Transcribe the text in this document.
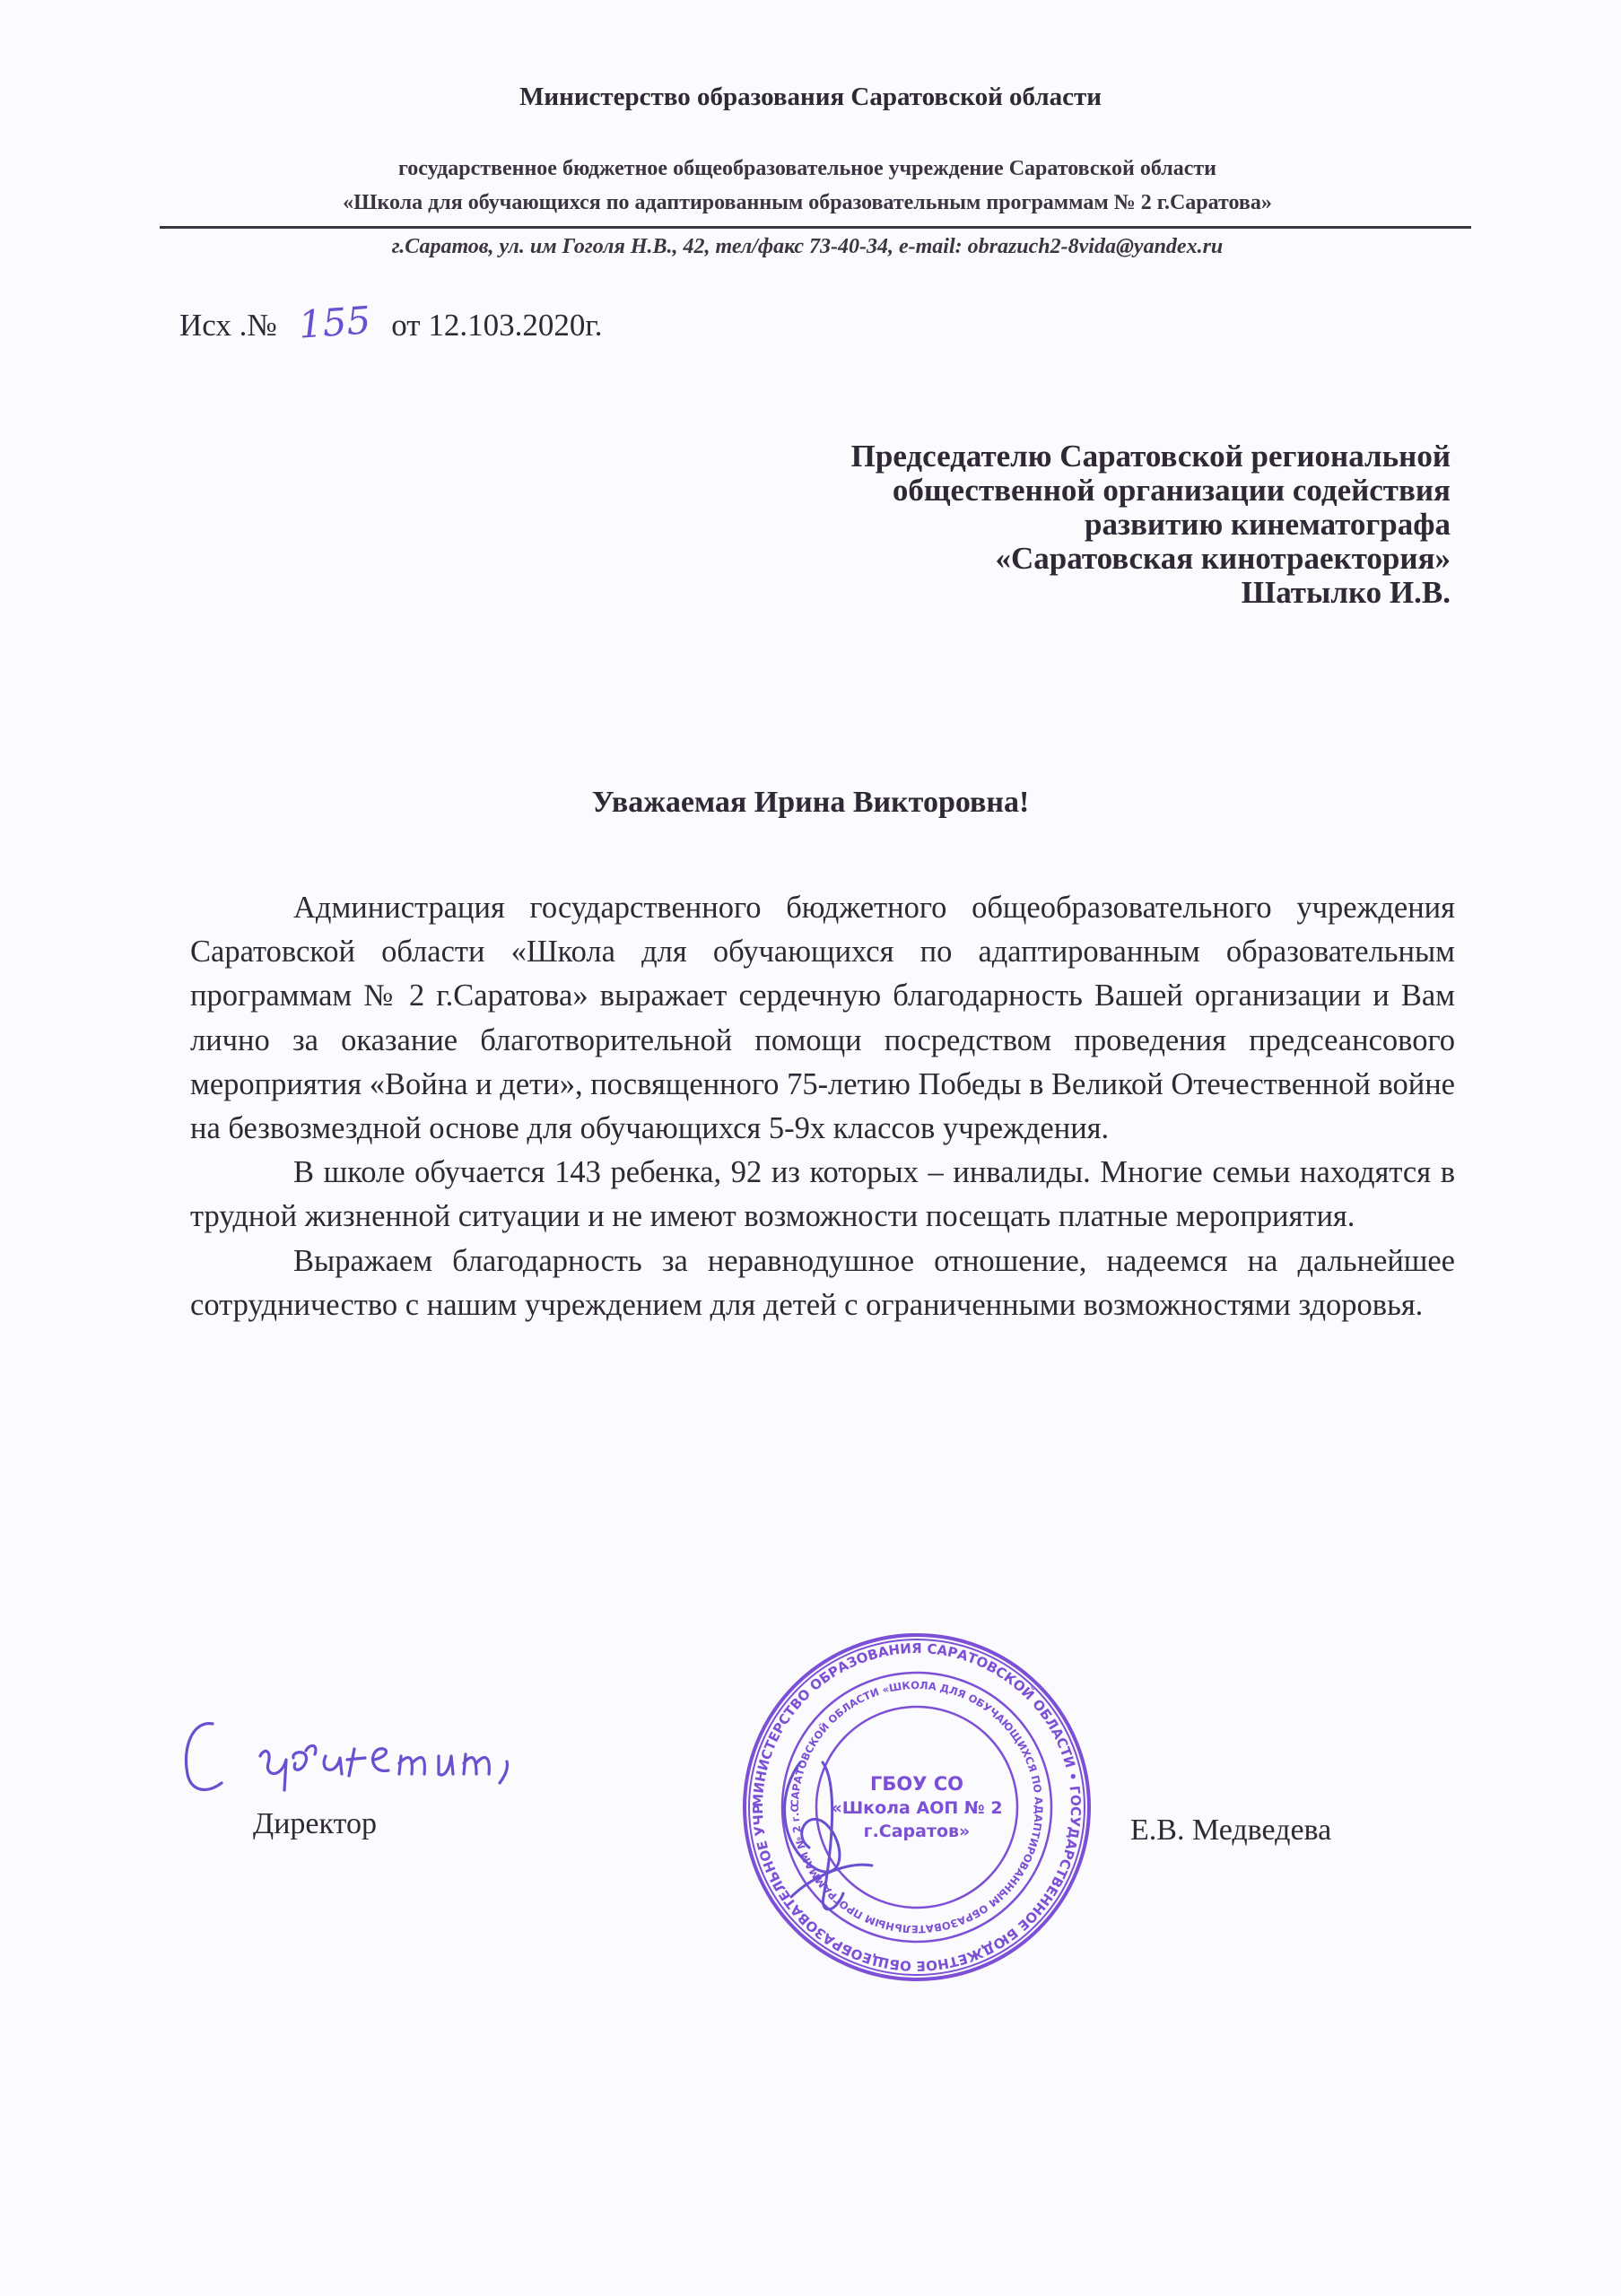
Министерство образования Саратовской области
государственное бюджетное общеобразовательное учреждение Саратовской области
«Школа для обучающихся по адаптированным образовательным программам № 2 г.Саратова»
г.Саратов, ул. им Гоголя Н.В., 42, тел/факс 73-40-34, e-mail: obrazuch2-8vida@yandex.ru
Исх .№ 155 от 12.103.2020г.
Председателю Саратовской региональной
общественной организации содействия
развитию кинематографа
«Саратовская кинотраектория»
Шатылко И.В.
Уважаемая Ирина Викторовна!

Администрация государственного бюджетного общеобразовательного учреждения Саратовской области «Школа для обучающихся по адаптированным образовательным программам № 2 г.Саратова» выражает сердечную благодарность Вашей организации и Вам лично за оказание благотворительной помощи посредством проведения предсеансового мероприятия «Война и дети», посвященного 75-летию Победы в Великой Отечественной войне на безвозмездной основе для обучающихся 5-9х классов учреждения.

В школе обучается 143 ребенка, 92 из которых – инвалиды. Многие семьи находятся в трудной жизненной ситуации и не имеют возможности посещать платные мероприятия.

Выражаем благодарность за неравнодушное отношение, надеемся на дальнейшее сотрудничество с нашим учреждением для детей с ограниченными возможностями здоровья.

Директор	Е.В. Медведева
МИНИСТЕРСТВО ОБРАЗОВАНИЯ САРАТОВСКОЙ ОБЛАСТИ • ГОСУДАРСТВЕННОЕ БЮДЖЕТНОЕ ОБЩЕОБРАЗОВАТЕЛЬНОЕ УЧР
САРАТОВСКОЙ ОБЛАСТИ «ШКОЛА ДЛЯ ОБУЧАЮЩИХСЯ ПО АДАПТИРОВАННЫМ ОБРАЗОВАТЕЛЬНЫМ ПРОГРАММАМ № 2 г.С
ГБОУ СО
«Школа АОП № 2
г.Саратов»
